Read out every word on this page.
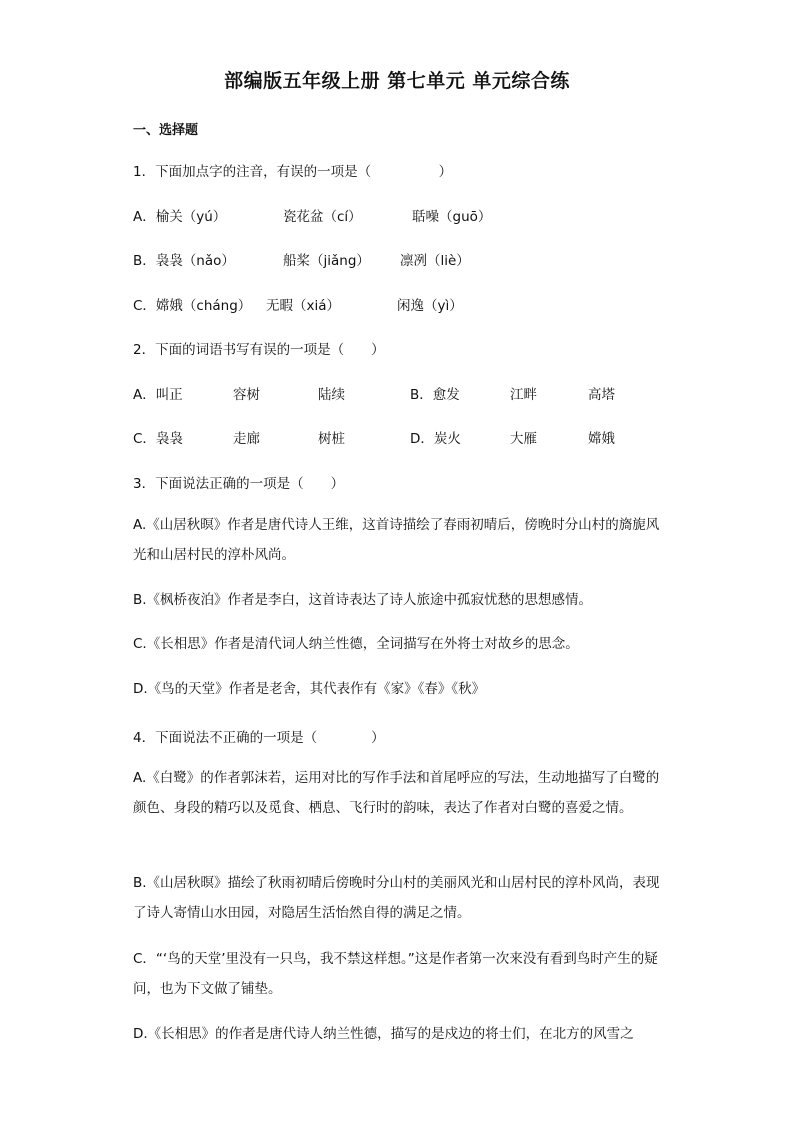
部编版五年级上册 第七单元 单元综合练
一、选择题
1．下面加点字的注音，有误的一项是（　　　　　）
A．榆关（yú）	瓷花盆（cí）	聒噪（guō）
B．袅袅（nǎo）	船桨（jiǎng） 凛冽（liè）
C．嫦娥（cháng） 无暇（xiá）	闲逸（yì）
2．下面的词语书写有误的一项是（　　）
A．叫正	容树	陆续	B．愈发	江畔	高塔
C．袅袅	走廊	树桩	D．炭火	大雁	嫦娥
3．下面说法正确的一项是（　　）
A.《山居秋暝》作者是唐代诗人王维，这首诗描绘了春雨初晴后，傍晚时分山村的旖旎风光和山居村民的淳朴风尚。
B.《枫桥夜泊》作者是李白，这首诗表达了诗人旅途中孤寂忧愁的思想感情。
C.《长相思》作者是清代词人纳兰性德，全词描写在外将士对故乡的思念。
D.《鸟的天堂》作者是老舍，其代表作有《家》《春》《秋》
4．下面说法不正确的一项是（　　　　）
A.《白鹭》的作者郭沫若，运用对比的写作手法和首尾呼应的写法，生动地描写了白鹭的颜色、身段的精巧以及觅食、栖息、飞行时的韵味，表达了作者对白鹭的喜爱之情。
B.《山居秋暝》描绘了秋雨初晴后傍晚时分山村的美丽风光和山居村民的淳朴风尚，表现了诗人寄情山水田园，对隐居生活怡然自得的满足之情。
C．“‘鸟的天堂’里没有一只鸟，我不禁这样想。”这是作者第一次来没有看到鸟时产生的疑问，也为下文做了铺垫。
D.《长相思》的作者是唐代诗人纳兰性德，描写的是戍边的将士们，在北方的风雪之
